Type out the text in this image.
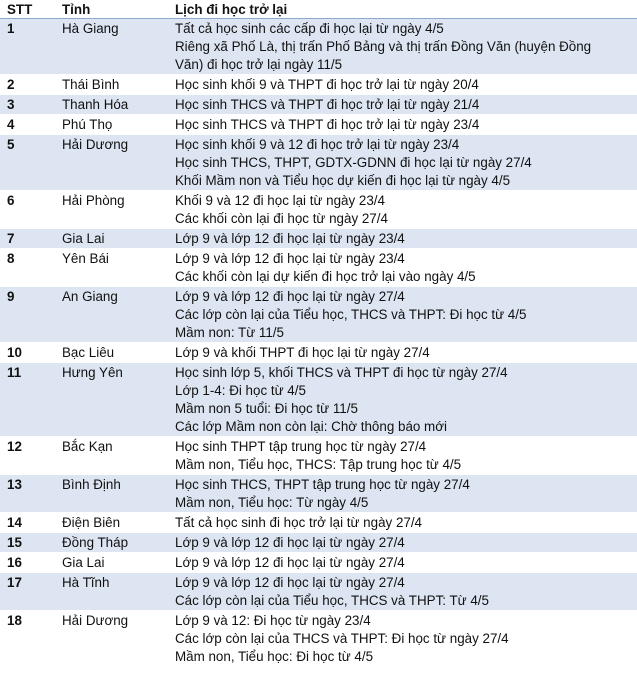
STT	Tỉnh	Lịch đi học trở lại
1	Hà Giang	Tất cả học sinh các cấp đi học lại từ ngày 4/5
Riêng xã Phố Là, thị trấn Phố Bảng và thị trấn Đồng Văn (huyện Đồng
Văn) đi học trở lại ngày 11/5

2	Thái Bình	Học sinh khối 9 và THPT đi học trở lại từ ngày 20/4

3	Thanh Hóa	Học sinh THCS và THPT đi học trở lại từ ngày 21/4

4	Phú Thọ	Học sinh THCS và THPT đi học trở lại từ ngày 23/4

5	Hải Dương	Học sinh khối 9 và 12 đi học trở lại từ ngày 23/4
Học sinh THCS, THPT, GDTX-GDNN đi học lại từ ngày 27/4
Khối Mầm non và Tiểu học dự kiến đi học lại từ ngày 4/5

6	Hải Phòng	Khối 9 và 12 đi học lại từ ngày 23/4
Các khối còn lại đi học từ ngày 27/4

7	Gia Lai	Lớp 9 và lớp 12 đi học lại từ ngày 23/4

8	Yên Bái	Lớp 9 và lớp 12 đi học lại từ ngày 23/4
Các khối còn lại dự kiến đi học trở lại vào ngày 4/5

9	An Giang	Lớp 9 và lớp 12 đi học lại từ ngày 27/4
Các lớp còn lại của Tiểu học, THCS và THPT: Đi học từ 4/5
Mầm non: Từ 11/5

10	Bạc Liêu	Lớp 9 và khối THPT đi học lại từ ngày 27/4

11	Hưng Yên	Học sinh lớp 5, khối THCS và THPT đi học từ ngày 27/4
Lớp 1-4: Đi học từ 4/5
Mầm non 5 tuổi: Đi học từ 11/5
Các lớp Mầm non còn lại: Chờ thông báo mới

12	Bắc Kạn	Học sinh THPT tập trung học từ ngày 27/4
Mầm non, Tiểu học, THCS: Tập trung học từ 4/5

13	Bình Định	Học sinh THCS, THPT tập trung học từ ngày 27/4
Mầm non, Tiểu học: Từ ngày 4/5

14	Điện Biên	Tất cả học sinh đi học trở lại từ ngày 27/4

15	Đồng Tháp	Lớp 9 và lớp 12 đi học lại từ ngày 27/4

16	Gia Lai	Lớp 9 và lớp 12 đi học lại từ ngày 27/4

17	Hà Tĩnh	Lớp 9 và lớp 12 đi học lại từ ngày 27/4
Các lớp còn lại của Tiểu học, THCS và THPT: Từ 4/5

18	Hải Dương	Lớp 9 và 12: Đi học từ ngày 23/4
Các lớp còn lại của THCS và THPT: Đi học từ ngày 27/4
Mầm non, Tiểu học: Đi học từ 4/5
